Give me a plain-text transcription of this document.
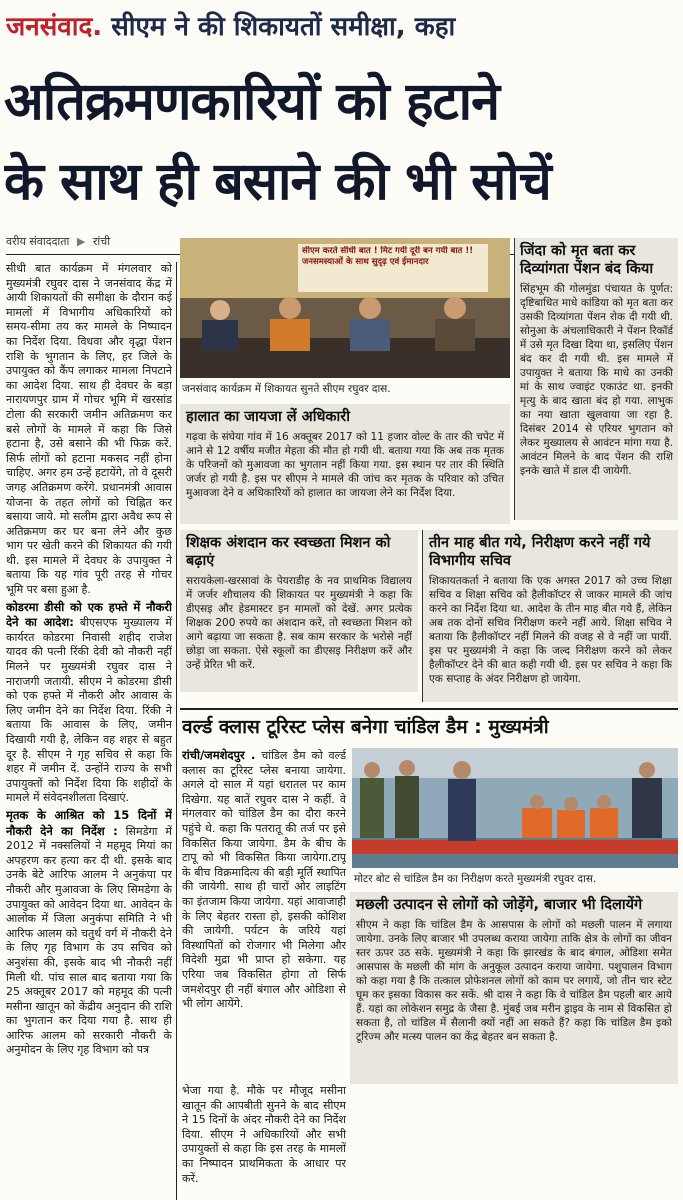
जनसंवाद. सीएम ने की शिकायतों समीक्षा, कहा
अतिक्रमणकारियों को हटाने
के साथ ही बसाने की भी सोचें
वरीय संवाददाता ▶ रांची

सीधी बात कार्यक्रम में मंगलवार को मुख्यमंत्री रघुवर दास ने जनसंवाद केंद्र में आयी शिकायतों की समीक्षा के दौरान कई मामलों में विभागीय अधिकारियों को समय-सीमा तय कर मामले के निष्पादन का निर्देश दिया. विधवा और वृद्धा पेंशन राशि के भुगतान के लिए, हर जिले के उपायुक्त को कैंप लगाकर मामला निपटाने का आदेश दिया. साथ ही देवघर के बड़ा नारायणपुर ग्राम में गोचर भूमि में खरसांड टोला की सरकारी जमीन अतिक्रमण कर बसे लोगों के मामले में कहा कि जिसे हटाना है, उसे बसाने की भी फिक्र करें. सिर्फ लोगों को हटाना मकसद नहीं होना चाहिए. अगर हम उन्हें हटायेंगे, तो वे दूसरी जगह अतिक्रमण करेंगे. प्रधानमंत्री आवास योजना के तहत लोगों को चिह्नित कर बसाया जाये. मो सलीम द्वारा अवैध रूप से अतिक्रमण कर घर बना लेने और कुछ भाग पर खेती करने की शिकायत की गयी थी. इस मामले में देवघर के उपायुक्त ने बताया कि यह गांव पूरी तरह से गोचर भूमि पर बसा हुआ है.

कोडरमा डीसी को एक हफ्ते में नौकरी देने का आदेश: बीएसएफ मुख्यालय में कार्यरत कोडरमा निवासी शहीद राजेश यादव की पत्नी रिंकी देवी को नौकरी नहीं मिलने पर मुख्यमंत्री रघुवर दास ने नाराजगी जतायी. सीएम ने कोडरमा डीसी को एक हफ्ते में नौकरी और आवास के लिए जमीन देने का निर्देश दिया. रिंकी ने बताया कि आवास के लिए, जमीन दिखायी गयी है, लेकिन वह शहर से बहुत दूर है. सीएम ने गृह सचिव से कहा कि शहर में जमीन दें. उन्होंने राज्य के सभी उपायुक्तों को निर्देश दिया कि शहीदों के मामले में संवेदनशीलता दिखाएं.

मृतक के आश्रित को 15 दिनों में नौकरी देने का निर्देश : सिमडेगा में 2012 में नक्सलियों ने महमूद मियां का अपहरण कर हत्या कर दी थी. इसके बाद उनके बेटे आरिफ आलम ने अनुकंपा पर नौकरी और मुआवजा के लिए सिमडेगा के उपायुक्त को आवेदन दिया था. आवेदन के आलोक में जिला अनुकंपा समिति ने भी आरिफ आलम को चतुर्थ वर्ग में नौकरी देने के लिए गृह विभाग के उप सचिव को अनुशंसा की, इसके बाद भी नौकरी नहीं मिली थी. पांच साल बाद बताया गया कि 25 अक्तूबर 2017 को महमूद की पत्नी मसीना खातून को केंद्रीय अनुदान की राशि का भुगतान कर दिया गया है. साथ ही आरिफ आलम को सरकारी नौकरी के अनुमोदन के लिए गृह विभाग को पत्र

सीएम करते सीधी बात ! मिट गयी दूरी बन गयी बात !! जनसमस्याओं के साथ सुदृढ़ एवं ईमानदार
जनसंवाद कार्यक्रम में शिकायत सुनते सीएम रघुवर दास.
जिंदा को मृत बता कर दिव्यांगता पेंशन बंद किया
सिंहभूम की गोलमुंडा पंचायत के पूर्णत: दृष्टिबाधित माधे कांडिया को मृत बता कर उसकी दिव्यांगता पेंशन रोक दी गयी थी. सोनुआ के अंचलाधिकारी ने पेंशन रिकॉर्ड में उसे मृत दिखा दिया था, इसलिए पेंशन बंद कर दी गयी थी. इस मामले में उपायुक्त ने बताया कि माधे का उनकी मां के साथ ज्वाइंट एकाउंट था. इनकी मृत्यु के बाद खाता बंद हो गया. लाभुक का नया खाता खुलवाया जा रहा है. दिसंबर 2014 से एरियर भुगतान को लेकर मुख्यालय से आवंटन मांगा गया है. आवंटन मिलने के बाद पेंशन की राशि इनके खाते में डाल दी जायेगी.
हालात का जायजा लें अधिकारी
गढ़वा के संघेया गांव में 16 अक्तूबर 2017 को 11 हजार वोल्ट के तार की चपेट में आने से 12 वर्षीय मजीत मेहता की मौत हो गयी थी. बताया गया कि अब तक मृतक के परिजनों को मुआवजा का भुगतान नहीं किया गया. इस स्थान पर तार की स्थिति जर्जर हो गयी है. इस पर सीएम ने मामले की जांच कर मृतक के परिवार को उचित मुआवजा देने व अधिकारियों को हालात का जायजा लेने का निर्देश दिया.
शिक्षक अंशदान कर स्वच्छता मिशन को बढ़ाएं
सरायकेला-खरसावां के पेयराडीह के नव प्राथमिक विद्यालय में जर्जर शौचालय की शिकायत पर मुख्यमंत्री ने कहा कि डीएसइ और हेडमास्टर इन मामलों को देखें. अगर प्रत्येक शिक्षक 200 रुपये का अंशदान करें, तो स्वच्छता मिशन को आगे बढ़ाया जा सकता है. सब काम सरकार के भरोसे नहीं छोड़ा जा सकता. ऐसे स्कूलों का डीएसइ निरीक्षण करें और उन्हें प्रेरित भी करें.
तीन माह बीत गये, निरीक्षण करने नहीं गये विभागीय सचिव
शिकायतकर्ता ने बताया कि एक अगस्त 2017 को उच्च शिक्षा सचिव व शिक्षा सचिव को हैलीकॉप्टर से जाकर मामले की जांच करने का निर्देश दिया था. आदेश के तीन माह बीत गये हैं, लेकिन अब तक दोनों सचिव निरीक्षण करने नहीं आये. शिक्षा सचिव ने बताया कि हैलीकॉप्टर नहीं मिलने की वजह से वे नहीं जा पायीं. इस पर मुख्यमंत्री ने कहा कि जल्द निरीक्षण करने को लेकर हैलीकॉप्टर देने की बात कही गयी थी. इस पर सचिव ने कहा कि एक सप्ताह के अंदर निरीक्षण हो जायेगा.
वर्ल्ड क्लास टूरिस्ट प्लेस बनेगा चांडिल डैम : मुख्यमंत्री

रांची/जमशेदपुर . चांडिल डैम को वर्ल्ड क्लास का टूरिस्ट प्लेस बनाया जायेगा. अगले दो साल में यहां धरातल पर काम दिखेगा. यह बातें रघुवर दास ने कहीं. वे मंगलवार को चांडिल डैम का दौरा करने पहुंचे थे. कहा कि पतरातू की तर्ज पर इसे विकसित किया जायेगा. डैम के बीच के टापू को भी विकसित किया जायेगा.टापू के बीच विक्रमादित्य की बड़ी मूर्ति स्थापित की जायेगी. साथ ही चारों ओर लाइटिंग का इंतजाम किया जायेगा. यहां आवाजाही के लिए बेहतर रास्ता हो, इसकी कोशिश की जायेगी. पर्यटन के जरिये यहां विस्थापितों को रोजगार भी मिलेगा और विदेशी मुद्रा भी प्राप्त हो सकेगा. यह एरिया जब विकसित होगा तो सिर्फ जमशेदपुर ही नहीं बंगाल और ओडिशा से भी लोग आयेंगे.

मोटर बोट से चांडिल डैम का निरीक्षण करते मुख्यमंत्री रघुवर दास.
मछली उत्पादन से लोगों को जोड़ेंगे, बाजार भी दिलायेंगे
सीएम ने कहा कि चांडिल डैम के आसपास के लोगों को मछली पालन में लगाया जायेगा. उनके लिए बाजार भी उपलब्ध कराया जायेगा ताकि क्षेत्र के लोगों का जीवन स्तर ऊपर उठ सके. मुख्यमंत्री ने कहा कि झारखंड के बाद बंगाल, ओडिशा समेत आसपास के मछली की मांग के अनुकूल उत्पादन कराया जायेगा. पशुपालन विभाग को कहा गया है कि तत्काल प्रोफेशनल लोगों को काम पर लगायें, जो तीन चार स्टेट घूम कर इसका विकास कर सकें. श्री दास ने कहा कि वे चांडिल डैम पहली बार आये हैं. यहां का लोकेशन समुद्र के जैसा है. मुंबई जब मरीन ड्राइव के नाम से विकसित हो सकता है, तो चांडिल में सैलानी क्यों नहीं आ सकते हैं? कहा कि चांडिल डैम इको टूरिज्म और मत्स्य पालन का केंद्र बेहतर बन सकता है.
भेजा गया है. मौके पर मौजूद मसीना खातून की आपबीती सुनने के बाद सीएम ने 15 दिनों के अंदर नौकरी देने का निर्देश दिया. सीएम ने अधिकारियों और सभी उपायुक्तों से कहा कि इस तरह के मामलों का निष्पादन प्राथमिकता के आधार पर करें.
